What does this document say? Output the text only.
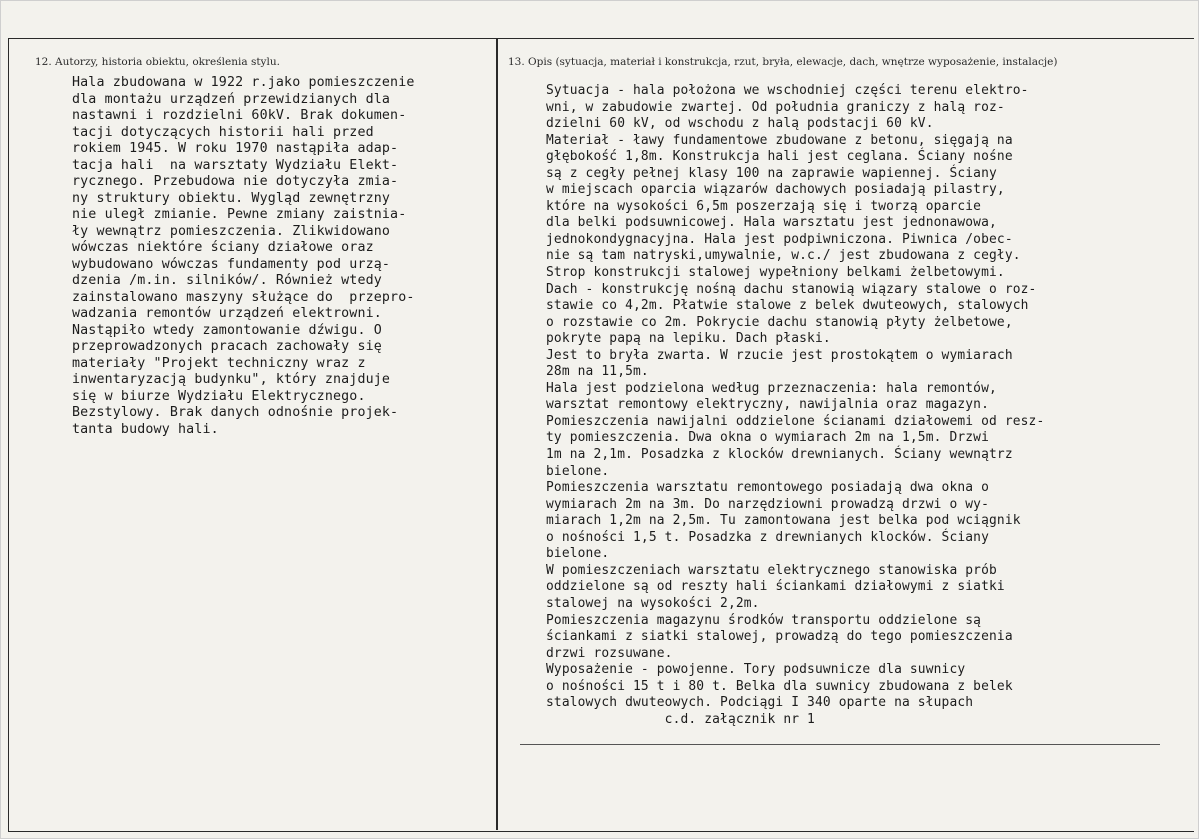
12. Autorzy, historia obiektu, określenia stylu.	13. Opis (sytuacja, materiał i konstrukcja, rzut, bryła, elewacje, dach, wnętrze wyposażenie, instalacje)
Hala zbudowana w 1922 r.jako pomieszczenie
dla montażu urządzeń przewidzianych dla
nastawni i rozdzielni 60kV. Brak dokumen-
tacji dotyczących historii hali przed
rokiem 1945. W roku 1970 nastąpiła adap-
tacja hali  na warsztaty Wydziału Elekt-
rycznego. Przebudowa nie dotyczyła zmia-
ny struktury obiektu. Wygląd zewnętrzny
nie uległ zmianie. Pewne zmiany zaistnia-
ły wewnątrz pomieszczenia. Zlikwidowano
wówczas niektóre ściany działowe oraz
wybudowano wówczas fundamenty pod urzą-
dzenia /m.in. silników/. Również wtedy
zainstalowano maszyny służące do  przepro-
wadzania remontów urządzeń elektrowni.
Nastąpiło wtedy zamontowanie dźwigu. O
przeprowadzonych pracach zachowały się
materiały "Projekt techniczny wraz z
inwentaryzacją budynku", który znajduje
się w biurze Wydziału Elektrycznego.
Bezstylowy. Brak danych odnośnie projek-
tanta budowy hali.
Sytuacja - hala położona we wschodniej części terenu elektro-
wni, w zabudowie zwartej. Od południa graniczy z halą roz-
dzielni 60 kV, od wschodu z halą podstacji 60 kV.
Materiał - ławy fundamentowe zbudowane z betonu, sięgają na
głębokość 1,8m. Konstrukcja hali jest ceglana. Ściany nośne
są z cegły pełnej klasy 100 na zaprawie wapiennej. Ściany
w miejscach oparcia wiązarów dachowych posiadają pilastry,
które na wysokości 6,5m poszerzają się i tworzą oparcie
dla belki podsuwnicowej. Hala warsztatu jest jednonawowa,
jednokondygnacyjna. Hala jest podpiwniczona. Piwnica /obec-
nie są tam natryski,umywalnie, w.c./ jest zbudowana z cegły.
Strop konstrukcji stalowej wypełniony belkami żelbetowymi.
Dach - konstrukcję nośną dachu stanowią wiązary stalowe o roz-
stawie co 4,2m. Płatwie stalowe z belek dwuteowych, stalowych
o rozstawie co 2m. Pokrycie dachu stanowią płyty żelbetowe,
pokryte papą na lepiku. Dach płaski.
Jest to bryła zwarta. W rzucie jest prostokątem o wymiarach
28m na 11,5m.
Hala jest podzielona według przeznaczenia: hala remontów,
warsztat remontowy elektryczny, nawijalnia oraz magazyn.
Pomieszczenia nawijalni oddzielone ścianami działowemi od resz-
ty pomieszczenia. Dwa okna o wymiarach 2m na 1,5m. Drzwi
1m na 2,1m. Posadzka z klocków drewnianych. Ściany wewnątrz
bielone.
Pomieszczenia warsztatu remontowego posiadają dwa okna o
wymiarach 2m na 3m. Do narzędziowni prowadzą drzwi o wy-
miarach 1,2m na 2,5m. Tu zamontowana jest belka pod wciągnik
o nośności 1,5 t. Posadzka z drewnianych klocków. Ściany
bielone.
W pomieszczeniach warsztatu elektrycznego stanowiska prób
oddzielone są od reszty hali ściankami działowymi z siatki
stalowej na wysokości 2,2m.
Pomieszczenia magazynu środków transportu oddzielone są
ściankami z siatki stalowej, prowadzą do tego pomieszczenia
drzwi rozsuwane.
Wyposażenie - powojenne. Tory podsuwnicze dla suwnicy
o nośności 15 t i 80 t. Belka dla suwnicy zbudowana z belek
stalowych dwuteowych. Podciągi I 340 oparte na słupach
c.d. załącznik nr 1
